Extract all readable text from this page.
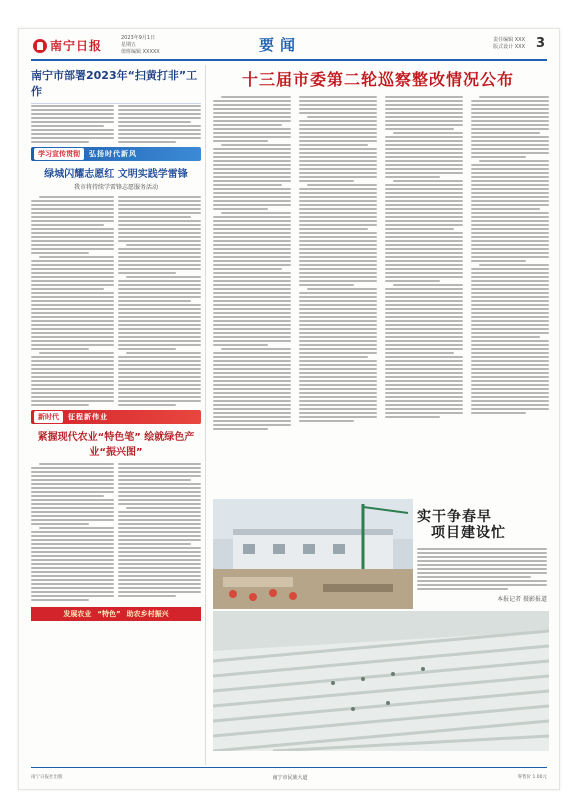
南宁日报
2023年9月1日
星期五
值班编辑 XXXXX	要闻	责任编辑 XXX
版式设计 XXX 3
南宁市部署2023年“扫黄打非”工作
学习宣传贯彻	弘扬时代新风
绿城闪耀志愿红 文明实践学雷锋
我市将持续学雷锋志愿服务活动
新时代	征程新伟业
紧握现代农业“特色笔” 绘就绿色产业“振兴图”
发展农业 “特色” 助农乡村振兴
十三届市委第二轮巡察整改情况公布
实干争春早
项目建设忙
本报记者 摄影报道
南宁日报社出版	南宁市民族大道	零售价 1.00元
